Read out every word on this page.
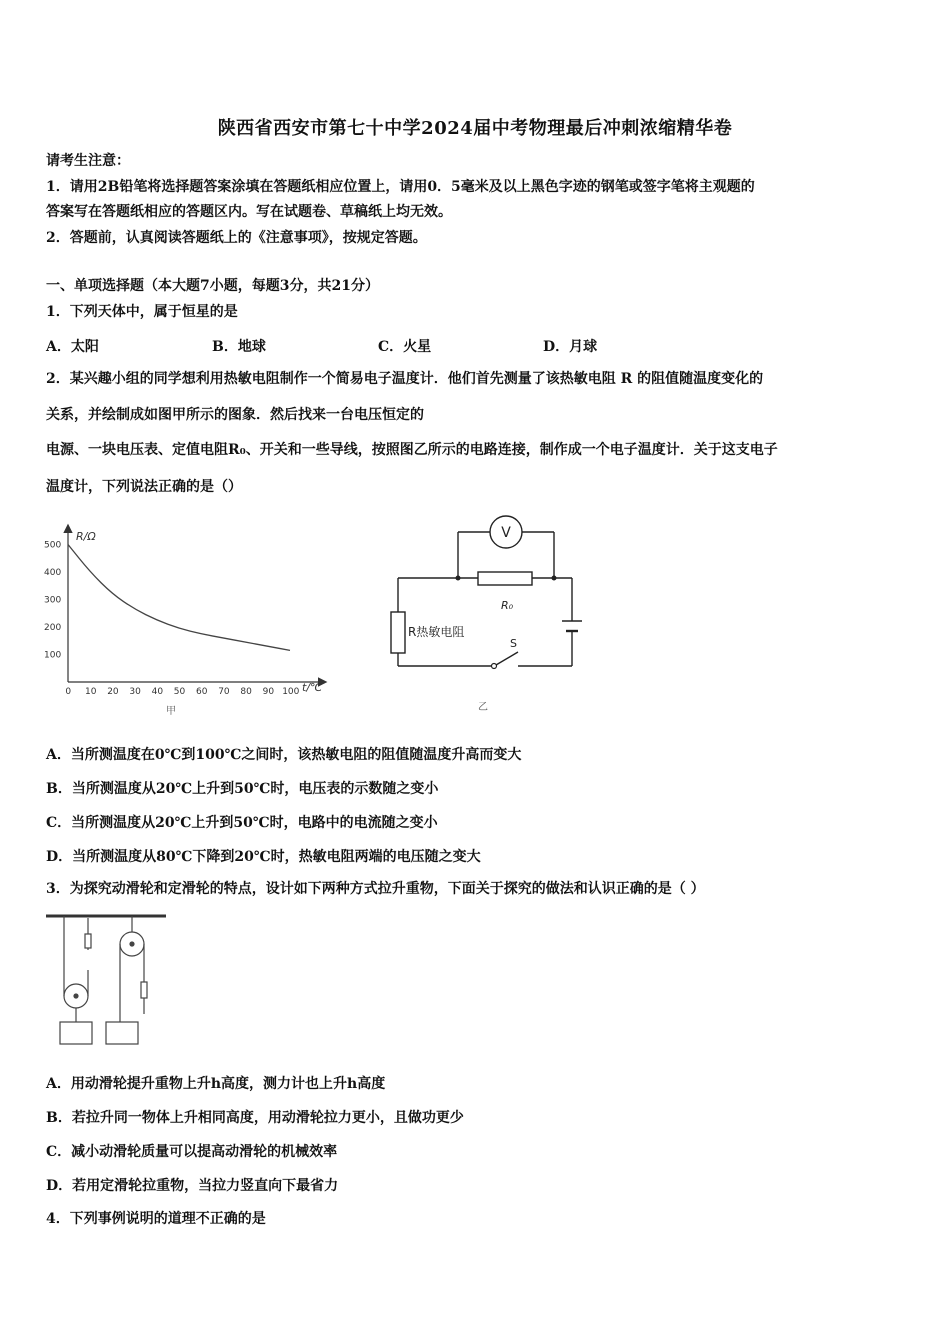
陕西省西安市第七十中学2024届中考物理最后冲刺浓缩精华卷
请考生注意：
1．请用2B铅笔将选择题答案涂填在答题纸相应位置上，请用0．5毫米及以上黑色字迹的钢笔或签字笔将主观题的
答案写在答题纸相应的答题区内。写在试题卷、草稿纸上均无效。
2．答题前，认真阅读答题纸上的《注意事项》，按规定答题。
一、单项选择题（本大题7小题，每题3分，共21分）
1．下列天体中，属于恒星的是
A．太阳	B．地球	C．火星	D．月球
2．某兴趣小组的同学想利用热敏电阻制作一个简易电子温度计．他们首先测量了该热敏电阻 R 的阻值随温度变化的
关系，并绘制成如图甲所示的图象．然后找来一台电压恒定的
电源、一块电压表、定值电阻R₀、开关和一些导线，按照图乙所示的电路连接，制作成一个电子温度计．关于这支电子
温度计，下列说法正确的是（）
500
400
300
200
100
0 10 20 30 40 50 60 70 80 90 100
R/Ω
t/℃
甲
V
R₀
R热敏电阻
S
乙
A．当所测温度在0℃到100℃之间时，该热敏电阻的阻值随温度升高而变大
B．当所测温度从20℃上升到50℃时，电压表的示数随之变小
C．当所测温度从20℃上升到50℃时，电路中的电流随之变小
D．当所测温度从80℃下降到20℃时，热敏电阻两端的电压随之变大
3．为探究动滑轮和定滑轮的特点，设计如下两种方式拉升重物，下面关于探究的做法和认识正确的是（ ）
A．用动滑轮提升重物上升h高度，测力计也上升h高度
B．若拉升同一物体上升相同高度，用动滑轮拉力更小，且做功更少
C．减小动滑轮质量可以提高动滑轮的机械效率
D．若用定滑轮拉重物，当拉力竖直向下最省力
4．下列事例说明的道理不正确的是
